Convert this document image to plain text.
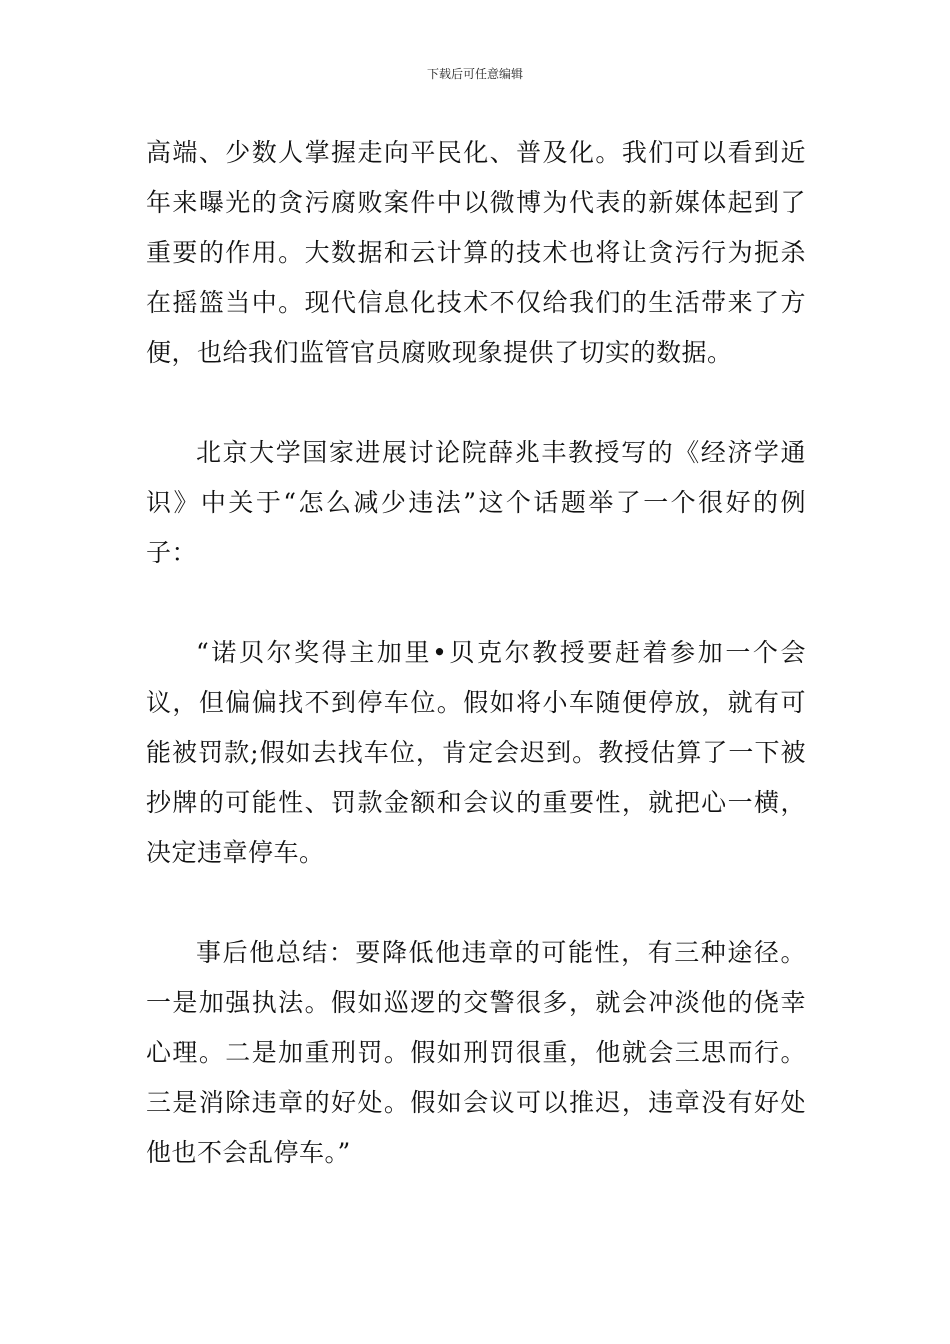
下载后可任意编辑

高端、少数人掌握走向平民化、普及化。我们可以看到近年来曝光的贪污腐败案件中以微博为代表的新媒体起到了重要的作用。大数据和云计算的技术也将让贪污行为扼杀在摇篮当中。现代信息化技术不仅给我们的生活带来了方便，也给我们监管官员腐败现象提供了切实的数据。

北京大学国家进展讨论院薛兆丰教授写的《经济学通识》中关于“怎么减少违法”这个话题举了一个很好的例子：

“诺贝尔奖得主加里•贝克尔教授要赶着参加一个会议，但偏偏找不到停车位。假如将小车随便停放，就有可能被罚款;假如去找车位，肯定会迟到。教授估算了一下被抄牌的可能性、罚款金额和会议的重要性，就把心一横，决定违章停车。

事后他总结：要降低他违章的可能性，有三种途径。一是加强执法。假如巡逻的交警很多，就会冲淡他的侥幸心理。二是加重刑罚。假如刑罚很重，他就会三思而行。三是消除违章的好处。假如会议可以推迟，违章没有好处他也不会乱停车。”
